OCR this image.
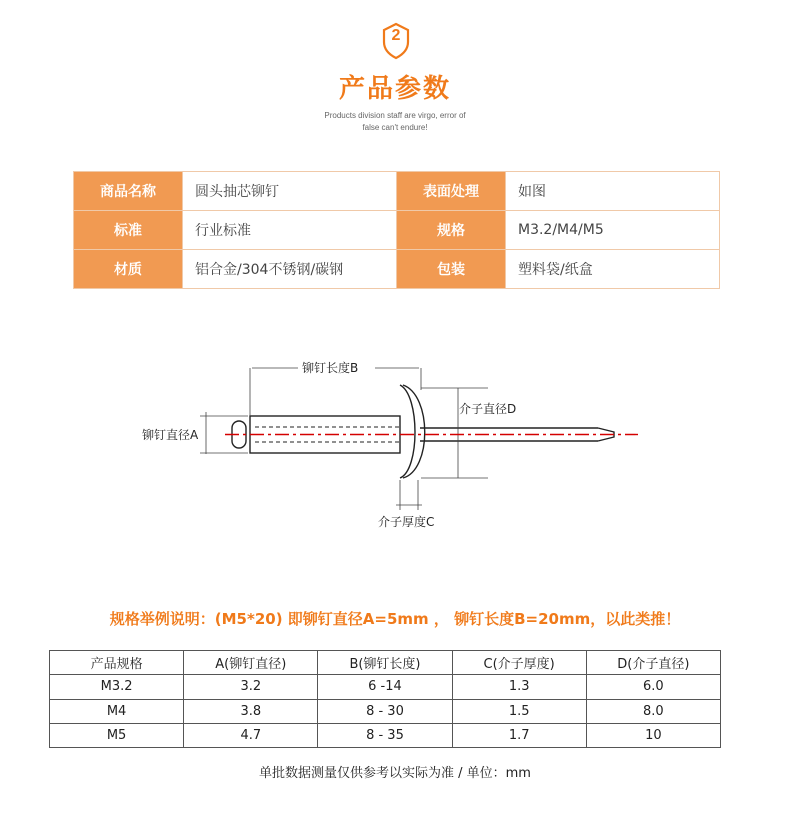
2
产品参数
Products division staff are virgo, error of
false can't endure!
商品名称	圆头抽芯铆钉	表面处理	如图
标准	行业标准	规格	M3.2/M4/M5
材质	铝合金/304不锈钢/碳钢	包装	塑料袋/纸盒
铆钉长度B
铆钉直径A
介子直径D
介子厚度C
规格举例说明：(M5*20) 即铆钉直径A=5mm ， 铆钉长度B=20mm，以此类推！
产品规格	A(铆钉直径)	B(铆钉长度)	C(介子厚度)	D(介子直径)
M3.2	3.2	6 -14	1.3	6.0
M4	3.8	8 - 30	1.5	8.0
M5	4.7	8 - 35	1.7	10
单批数据测量仅供参考以实际为准 / 单位：mm
